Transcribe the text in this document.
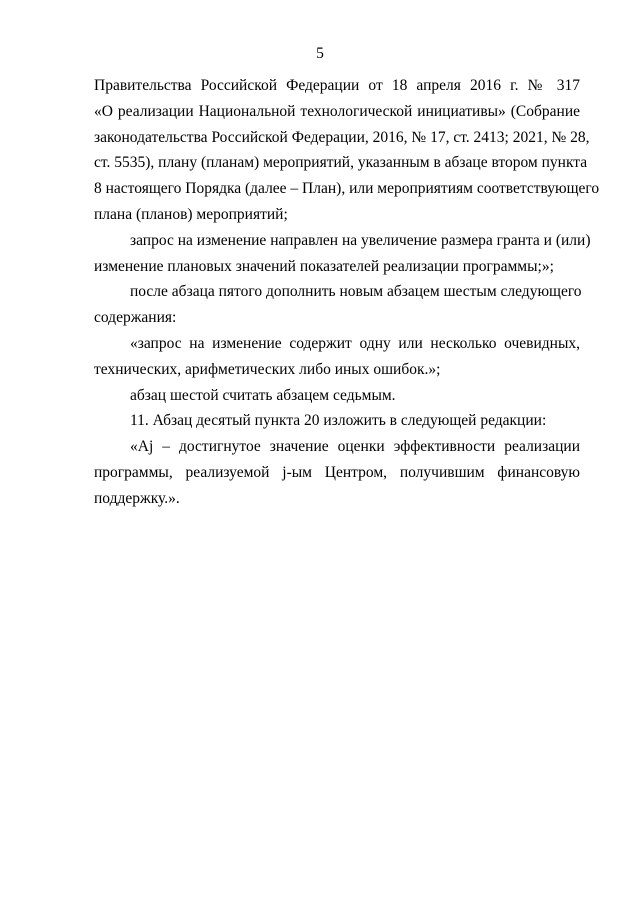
5
Правительства Российской Федерации от 18 апреля 2016 г. № 317
«О реализации Национальной технологической инициативы» (Собрание
законодательства Российской Федерации, 2016, № 17, ст. 2413; 2021, № 28,
ст. 5535), плану (планам) мероприятий, указанным в абзаце втором пункта
8 настоящего Порядка (далее – План), или мероприятиям соответствующего
плана (планов) мероприятий;
запрос на изменение направлен на увеличение размера гранта и (или)
изменение плановых значений показателей реализации программы;»;
после абзаца пятого дополнить новым абзацем шестым следующего
содержания:
«запрос на изменение содержит одну или несколько очевидных,
технических, арифметических либо иных ошибок.»;
абзац шестой считать абзацем седьмым.
11. Абзац десятый пункта 20 изложить в следующей редакции:
«Aj – достигнутое значение оценки эффективности реализации
программы, реализуемой j-ым Центром, получившим финансовую
поддержку.».
